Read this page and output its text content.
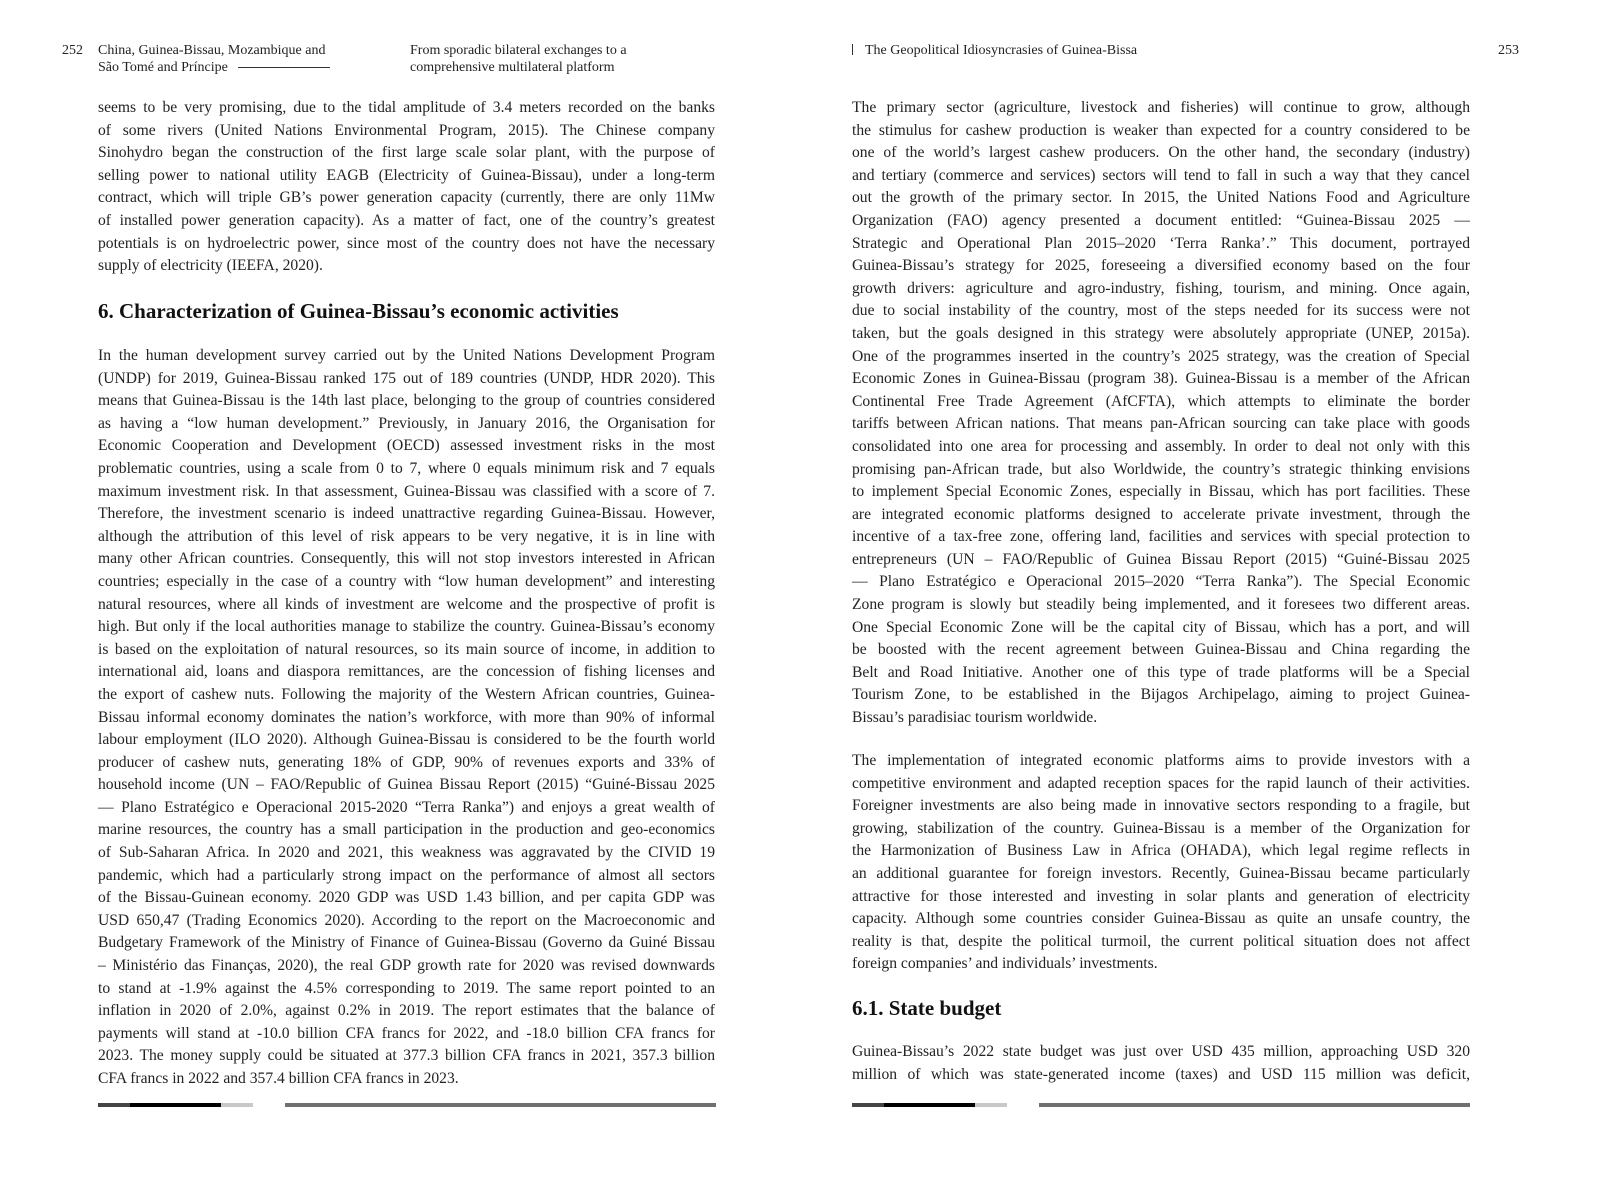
252 China, Guinea-Bissau, Mozambique and
São Tomé and Príncipe
From sporadic bilateral exchanges to a
comprehensive multilateral platform
seems to be very promising, due to the tidal amplitude of 3.4 meters recorded on the banks
of some rivers (United Nations Environmental Program, 2015). The Chinese company
Sinohydro began the construction of the first large scale solar plant, with the purpose of
selling power to national utility EAGB (Electricity of Guinea-Bissau), under a long-term
contract, which will triple GB’s power generation capacity (currently, there are only 11Mw
of installed power generation capacity). As a matter of fact, one of the country’s greatest
potentials is on hydroelectric power, since most of the country does not have the necessary
supply of electricity (IEEFA, 2020).
6. Characterization of Guinea-Bissau’s economic activities
In the human development survey carried out by the United Nations Development Program
(UNDP) for 2019, Guinea-Bissau ranked 175 out of 189 countries (UNDP, HDR 2020). This
means that Guinea-Bissau is the 14th last place, belonging to the group of countries considered
as having a “low human development.” Previously, in January 2016, the Organisation for
Economic Cooperation and Development (OECD) assessed investment risks in the most
problematic countries, using a scale from 0 to 7, where 0 equals minimum risk and 7 equals
maximum investment risk. In that assessment, Guinea-Bissau was classified with a score of 7.
Therefore, the investment scenario is indeed unattractive regarding Guinea-Bissau. However,
although the attribution of this level of risk appears to be very negative, it is in line with
many other African countries. Consequently, this will not stop investors interested in African
countries; especially in the case of a country with “low human development” and interesting
natural resources, where all kinds of investment are welcome and the prospective of profit is
high. But only if the local authorities manage to stabilize the country. Guinea-Bissau’s economy
is based on the exploitation of natural resources, so its main source of income, in addition to
international aid, loans and diaspora remittances, are the concession of fishing licenses and
the export of cashew nuts. Following the majority of the Western African countries, Guinea-
Bissau informal economy dominates the nation’s workforce, with more than 90% of informal
labour employment (ILO 2020). Although Guinea-Bissau is considered to be the fourth world
producer of cashew nuts, generating 18% of GDP, 90% of revenues exports and 33% of
household income (UN – FAO/Republic of Guinea Bissau Report (2015) “Guiné-Bissau 2025
— Plano Estratégico e Operacional 2015-2020 “Terra Ranka”) and enjoys a great wealth of
marine resources, the country has a small participation in the production and geo-economics
of Sub-Saharan Africa. In 2020 and 2021, this weakness was aggravated by the CIVID 19
pandemic, which had a particularly strong impact on the performance of almost all sectors
of the Bissau-Guinean economy. 2020 GDP was USD 1.43 billion, and per capita GDP was
USD 650,47 (Trading Economics 2020). According to the report on the Macroeconomic and
Budgetary Framework of the Ministry of Finance of Guinea-Bissau (Governo da Guiné Bissau
– Ministério das Finanças, 2020), the real GDP growth rate for 2020 was revised downwards
to stand at -1.9% against the 4.5% corresponding to 2019. The same report pointed to an
inflation in 2020 of 2.0%, against 0.2% in 2019. The report estimates that the balance of
payments will stand at -10.0 billion CFA francs for 2022, and -18.0 billion CFA francs for
2023. The money supply could be situated at 377.3 billion CFA francs in 2021, 357.3 billion
CFA francs in 2022 and 357.4 billion CFA francs in 2023.
The Geopolitical Idiosyncrasies of Guinea-Bissa	253
The primary sector (agriculture, livestock and fisheries) will continue to grow, although
the stimulus for cashew production is weaker than expected for a country considered to be
one of the world’s largest cashew producers. On the other hand, the secondary (industry)
and tertiary (commerce and services) sectors will tend to fall in such a way that they cancel
out the growth of the primary sector. In 2015, the United Nations Food and Agriculture
Organization (FAO) agency presented a document entitled: “Guinea-Bissau 2025 —
Strategic and Operational Plan 2015–2020 ‘Terra Ranka’.” This document, portrayed
Guinea-Bissau’s strategy for 2025, foreseeing a diversified economy based on the four
growth drivers: agriculture and agro-industry, fishing, tourism, and mining. Once again,
due to social instability of the country, most of the steps needed for its success were not
taken, but the goals designed in this strategy were absolutely appropriate (UNEP, 2015a).
One of the programmes inserted in the country’s 2025 strategy, was the creation of Special
Economic Zones in Guinea-Bissau (program 38). Guinea-Bissau is a member of the African
Continental Free Trade Agreement (AfCFTA), which attempts to eliminate the border
tariffs between African nations. That means pan-African sourcing can take place with goods
consolidated into one area for processing and assembly. In order to deal not only with this
promising pan-African trade, but also Worldwide, the country’s strategic thinking envisions
to implement Special Economic Zones, especially in Bissau, which has port facilities. These
are integrated economic platforms designed to accelerate private investment, through the
incentive of a tax-free zone, offering land, facilities and services with special protection to
entrepreneurs (UN – FAO/Republic of Guinea Bissau Report (2015) “Guiné-Bissau 2025
— Plano Estratégico e Operacional 2015–2020 “Terra Ranka”). The Special Economic
Zone program is slowly but steadily being implemented, and it foresees two different areas.
One Special Economic Zone will be the capital city of Bissau, which has a port, and will
be boosted with the recent agreement between Guinea-Bissau and China regarding the
Belt and Road Initiative. Another one of this type of trade platforms will be a Special
Tourism Zone, to be established in the Bijagos Archipelago, aiming to project Guinea-
Bissau’s paradisiac tourism worldwide.
The implementation of integrated economic platforms aims to provide investors with a
competitive environment and adapted reception spaces for the rapid launch of their activities.
Foreigner investments are also being made in innovative sectors responding to a fragile, but
growing, stabilization of the country. Guinea-Bissau is a member of the Organization for
the Harmonization of Business Law in Africa (OHADA), which legal regime reflects in
an additional guarantee for foreign investors. Recently, Guinea-Bissau became particularly
attractive for those interested and investing in solar plants and generation of electricity
capacity. Although some countries consider Guinea-Bissau as quite an unsafe country, the
reality is that, despite the political turmoil, the current political situation does not affect
foreign companies’ and individuals’ investments.
6.1. State budget
Guinea-Bissau’s 2022 state budget was just over USD 435 million, approaching USD 320
million of which was state-generated income (taxes) and USD 115 million was deficit,
